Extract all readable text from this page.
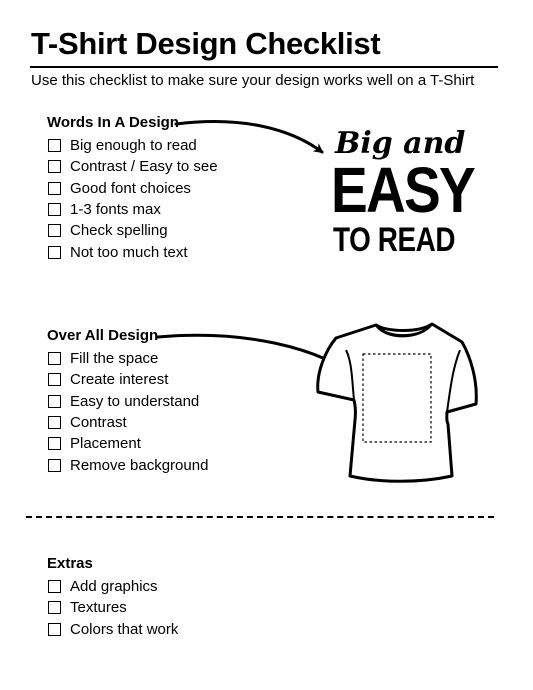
T-Shirt Design Checklist
Use this checklist to make sure your design works well on a T-Shirt
Words In A Design
Big enough to read
Contrast / Easy to see
Good font choices
1-3 fonts max
Check spelling
Not too much text
Big and
EASY
TO READ
Over All Design
Fill the space
Create interest
Easy to understand
Contrast
Placement
Remove background
Extras
Add graphics
Textures
Colors that work
